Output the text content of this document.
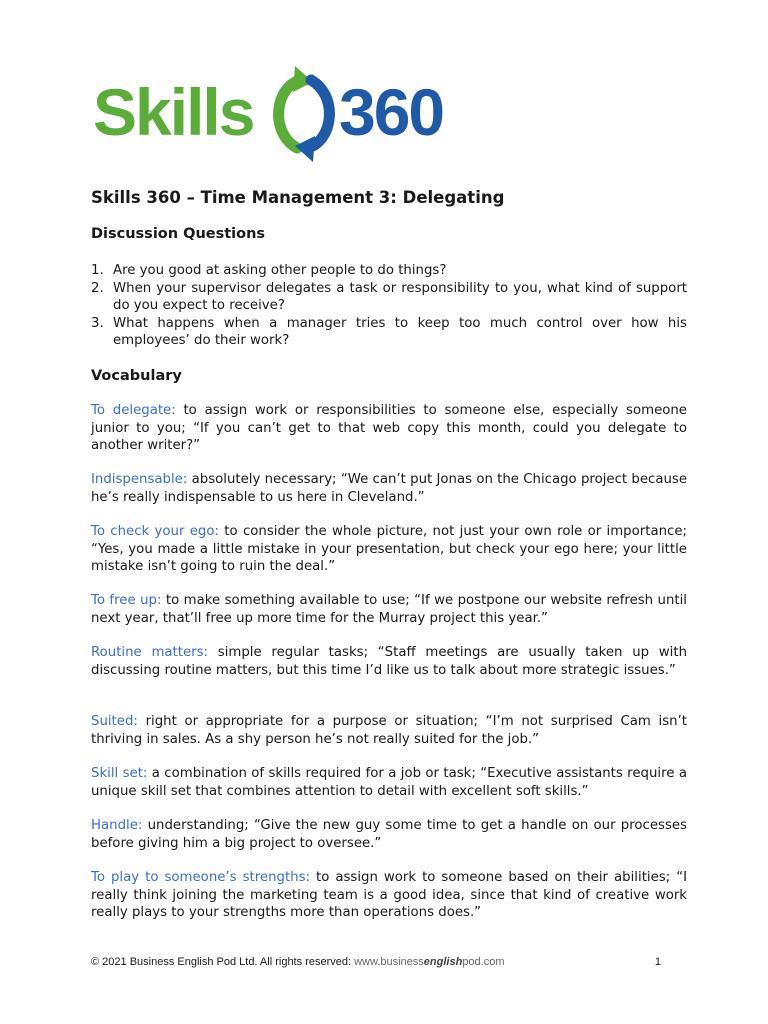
Skills 360
Skills 360 – Time Management 3: Delegating
Discussion Questions
1. Are you good at asking other people to do things?
2. When your supervisor delegates a task or responsibility to you, what kind of support do you expect to receive?
3. What happens when a manager tries to keep too much control over how his employees’ do their work?
Vocabulary

To delegate: to assign work or responsibilities to someone else, especially someone junior to you; “If you can’t get to that web copy this month, could you delegate to another writer?”

Indispensable: absolutely necessary; “We can’t put Jonas on the Chicago project because he’s really indispensable to us here in Cleveland.”

To check your ego: to consider the whole picture, not just your own role or importance; “Yes, you made a little mistake in your presentation, but check your ego here; your little mistake isn’t going to ruin the deal.”

To free up: to make something available to use; “If we postpone our website refresh until next year, that’ll free up more time for the Murray project this year.”

Routine matters: simple regular tasks; “Staff meetings are usually taken up with discussing routine matters, but this time I’d like us to talk about more strategic issues.”

Suited: right or appropriate for a purpose or situation; “I’m not surprised Cam isn’t thriving in sales. As a shy person he’s not really suited for the job.”

Skill set: a combination of skills required for a job or task; “Executive assistants require a unique skill set that combines attention to detail with excellent soft skills.”

Handle: understanding; “Give the new guy some time to get a handle on our processes before giving him a big project to oversee.”

To play to someone’s strengths: to assign work to someone based on their abilities; “I really think joining the marketing team is a good idea, since that kind of creative work really plays to your strengths more than operations does.”

© 2021 Business English Pod Ltd. All rights reserved: www.businessenglishpod.com	1
